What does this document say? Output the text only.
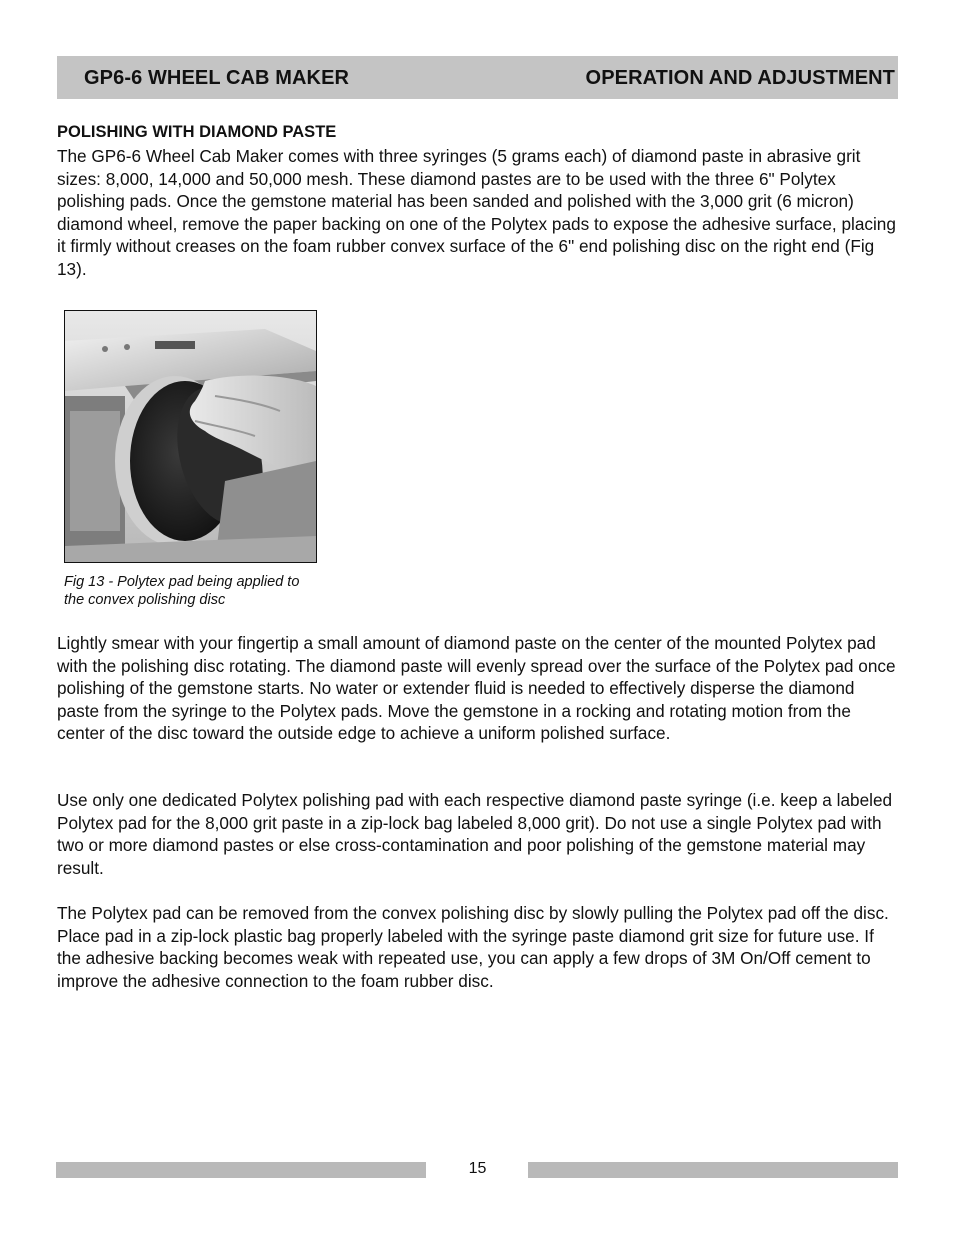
GP6-6 WHEEL CAB MAKER	OPERATION AND ADJUSTMENT
POLISHING WITH DIAMOND PASTE

The GP6-6 Wheel Cab Maker comes with three syringes (5 grams each) of diamond paste in abrasive grit sizes: 8,000, 14,000 and 50,000 mesh. These diamond pastes are to be used with the three 6" Polytex polishing pads. Once the gemstone material has been sanded and polished with the 3,000 grit (6 micron) diamond wheel, remove the paper backing on one of the Polytex pads to expose the adhesive surface, placing it firmly without creases on the foam rubber convex surface of the 6" end polishing disc on the right end (Fig 13).

Fig 13 - Polytex pad being applied to
the convex polishing disc

Lightly smear with your fingertip a small amount of diamond paste on the center of the mounted Polytex pad with the polishing disc rotating. The diamond paste will evenly spread over the surface of the Polytex pad once polishing of the gemstone starts. No water or extender fluid is needed to effectively disperse the diamond paste from the syringe to the Polytex pads. Move the gemstone in a rocking and rotating motion from the center of the disc toward the outside edge to achieve a uniform polished surface.

Use only one dedicated Polytex polishing pad with each respective diamond paste syringe (i.e. keep a labeled Polytex pad for the 8,000 grit paste in a zip-lock bag labeled 8,000 grit). Do not use a single Polytex pad with two or more diamond pastes or else cross-contamination and poor polishing of the gemstone material may result.

The Polytex pad can be removed from the convex polishing disc by slowly pulling the Polytex pad off the disc. Place pad in a zip-lock plastic bag properly labeled with the syringe paste diamond grit size for future use. If the adhesive backing becomes weak with repeated use, you can apply a few drops of 3M On/Off cement to improve the adhesive connection to the foam rubber disc.

15
